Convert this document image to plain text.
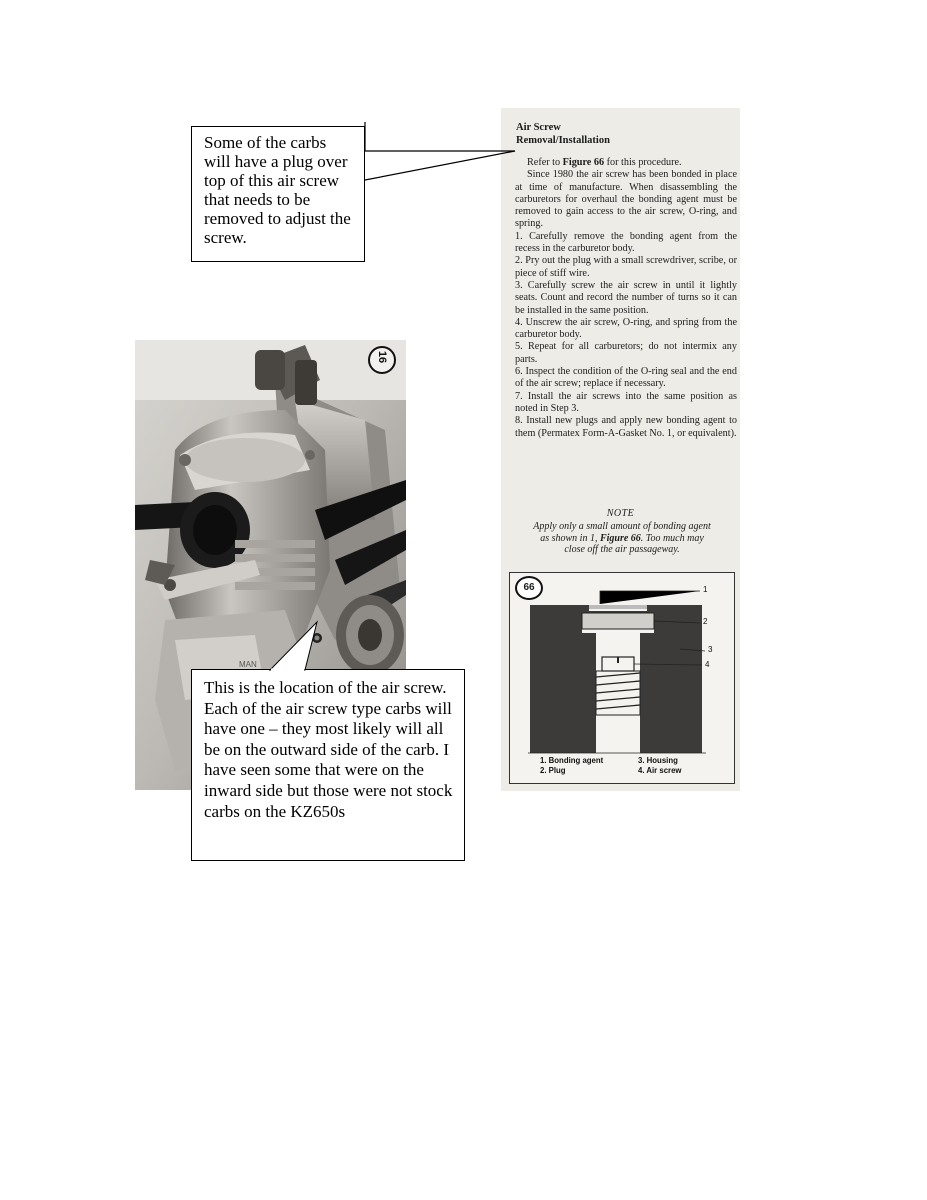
Some of the carbs will have a plug over top of this air screw that needs to be removed to adjust the screw.
16
MAN
This is the location of the air screw. Each of the air screw type carbs will have one – they most likely will all be on the outward side of the carb. I have seen some that were on the inward side but those were not stock carbs on the KZ650s
Air Screw
Removal/Installation

Refer to Figure 66 for this procedure.

Since 1980 the air screw has been bonded in place at time of manufacture. When disassembling the carburetors for overhaul the bonding agent must be removed to gain access to the air screw, O-ring, and spring.

1. Carefully remove the bonding agent from the recess in the carburetor body.

2. Pry out the plug with a small screwdriver, scribe, or piece of stiff wire.

3. Carefully screw the air screw in until it lightly seats. Count and record the number of turns so it can be installed in the same position.

4. Unscrew the air screw, O-ring, and spring from the carburetor body.

5. Repeat for all carburetors; do not intermix any parts.

6. Inspect the condition of the O-ring seal and the end of the air screw; replace if necessary.

7. Install the air screws into the same position as noted in Step 3.

8. Install new plugs and apply new bonding agent to them (Permatex Form-A-Gasket No. 1, or equivalent).

NOTE
Apply only a small amount of bonding agent as shown in 1, Figure 66. Too much may close off the air passageway.
66	1
2
3
4
1. Bonding agent
2. Plug
3. Housing
4. Air screw
